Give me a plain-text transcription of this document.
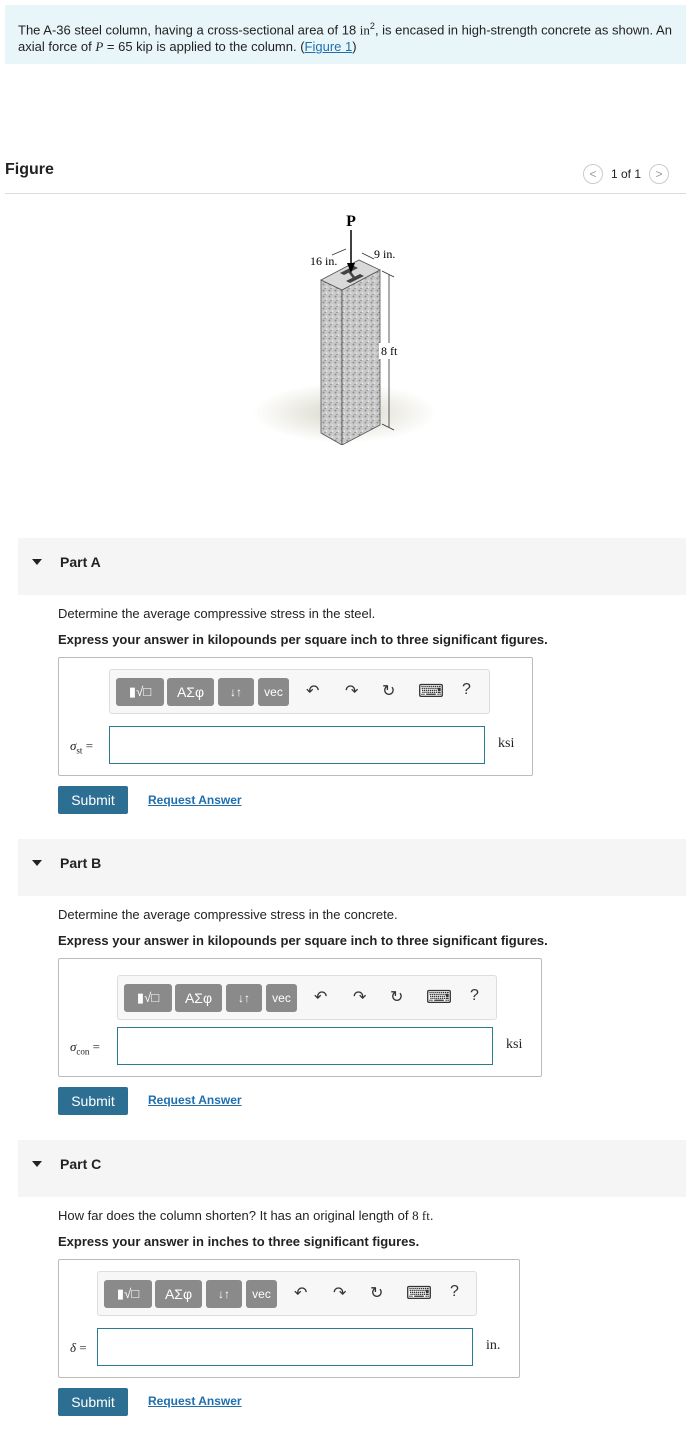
The A-36 steel column, having a cross-sectional area of 18 $in^2$, is encased in high-strength concrete as shown. An axial force of P = 65 kip is applied to the column. (Figure 1)
Figure	< 1 of 1 >
P
16 in.	9 in.
8 ft
Part A
Determine the average compressive stress in the steel.
Express your answer in kilopounds per square inch to three significant figures.
▮√□	ΑΣφ	↓↑	vec	↶ ↷ ↻ ⌨ ?
$\sigma_{st}$ =	ksi
Submit	Request Answer
Part B
Determine the average compressive stress in the concrete.
Express your answer in kilopounds per square inch to three significant figures.
▮√□	ΑΣφ	↓↑	vec	↶ ↷ ↻ ⌨ ?
$\sigma_{con}$ =	ksi
Submit	Request Answer
Part C
How far does the column shorten? It has an original length of 8 ft.
Express your answer in inches to three significant figures.
▮√□	ΑΣφ	↓↑	vec	↶ ↷ ↻ ⌨ ?
δ =	in.
Submit	Request Answer
